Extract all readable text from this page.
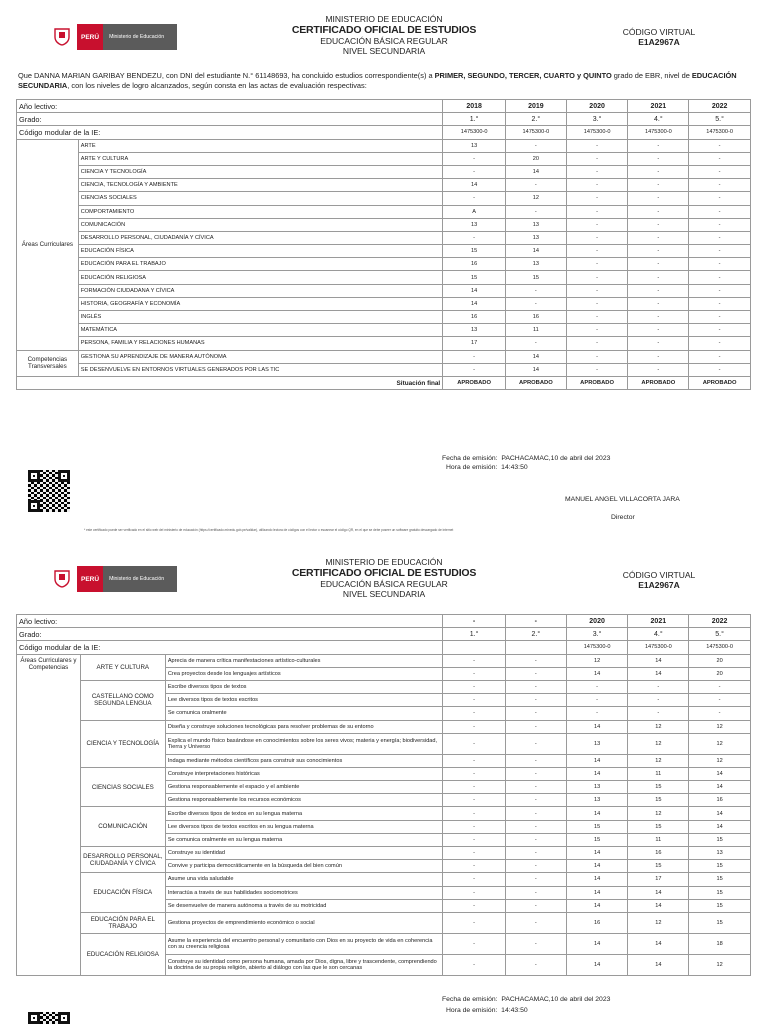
PERÚ	Ministerio de Educación
MINISTERIO DE EDUCACIÓN
CERTIFICADO OFICIAL DE ESTUDIOS
EDUCACIÓN BÁSICA REGULAR
NIVEL SECUNDARIA
CÓDIGO VIRTUAL
E1A2967A
Que DANNA MARIAN GARIBAY BENDEZU, con DNI del estudiante N.° 61148693, ha concluido estudios correspondiente(s) a PRIMER, SEGUNDO, TERCER, CUARTO y QUINTO grado de EBR, nivel de EDUCACIÓN
SECUNDARIA, con los niveles de logro alcanzados, según consta en las actas de evaluación respectivas:
Año lectivo:		2018	2019	2020	2021	2022
Grado:		1.°	2.°	3.°	4.°	5.°
Código modular de la IE:		1475300-0	1475300-0	1475300-0	1475300-0	1475300-0
Áreas Curriculares	ARTE	13	-	-	-	-
	ARTE Y CULTURA	-	20	-	-	-
	CIENCIA Y TECNOLOGÍA	-	14	-	-	-
	CIENCIA, TECNOLOGÍA Y AMBIENTE	14	-	-	-	-
	CIENCIAS SOCIALES	-	12	-	-	-
	COMPORTAMIENTO	A	-	-	-	-
	COMUNICACIÓN	13	13	-	-	-
	DESARROLLO PERSONAL, CIUDADANÍA Y CÍVICA	-	13	-	-	-
	EDUCACIÓN FÍSICA	15	14	-	-	-
	EDUCACIÓN PARA EL TRABAJO	16	13	-	-	-
	EDUCACIÓN RELIGIOSA	15	15	-	-	-
	FORMACIÓN CIUDADANA Y CÍVICA	14	-	-	-	-
	HISTORIA, GEOGRAFÍA Y ECONOMÍA	14	-	-	-	-
	INGLÉS	16	16	-	-	-
	MATEMÁTICA	13	11	-	-	-
	PERSONA, FAMILIA Y RELACIONES HUMANAS	17	-	-	-	-
Competencias Transversales	GESTIONA SU APRENDIZAJE DE MANERA AUTÓNOMA	-	14	-	-	-
	SE DESENVUELVE EN ENTORNOS VIRTUALES GENERADOS POR LAS TIC	-	14	-	-	-
Situación final		APROBADO	APROBADO	APROBADO	APROBADO	APROBADO
Fecha de emisión: PACHACAMAC,10 de abril del 2023
Hora de emisión: 14:43:50
MANUEL ANGEL VILLACORTA JARA
Director
* este certificado puede ser verificado en el sitio web del ministerio de educación (https://certificado.minedu.gob.pe/validar), utilizando lectora de códigos con el lector o escanear el código QR, en el que se debe poseer un software gratuito descargado de internet
PERÚ	Ministerio de Educación
MINISTERIO DE EDUCACIÓN
CERTIFICADO OFICIAL DE ESTUDIOS
EDUCACIÓN BÁSICA REGULAR
NIVEL SECUNDARIA
CÓDIGO VIRTUAL
E1A2967A
Año lectivo:			-	-	2020	2021	2022
Grado:			1.°	2.°	3.°	4.°	5.°
Código modular de la IE:					1475300-0	1475300-0	1475300-0
Áreas Curriculares y Competencias	ARTE Y CULTURA	Aprecia de manera crítica manifestaciones artístico-culturales	-	-	12	14	20
		Crea proyectos desde los lenguajes artísticos	-	-	14	14	20
	CASTELLANO COMO SEGUNDA LENGUA	Escribe diversos tipos de textos	-	-	-	-	-
		Lee diversos tipos de textos escritos	-	-	-	-	-
		Se comunica oralmente	-	-	-	-	-
	CIENCIA Y TECNOLOGÍA	Diseña y construye soluciones tecnológicas para resolver problemas de su entorno	-	-	14	12	12
		Explica el mundo físico basándose en conocimientos sobre los seres vivos; materia y energía; biodiversidad, Tierra y Universo	-	-	13	12	12
		Indaga mediante métodos científicos para construir sus conocimientos	-	-	14	12	12
	CIENCIAS SOCIALES	Construye interpretaciones históricas	-	-	14	11	14
		Gestiona responsablemente el espacio y el ambiente	-	-	13	15	14
		Gestiona responsablemente los recursos económicos	-	-	13	15	16
	COMUNICACIÓN	Escribe diversos tipos de textos en su lengua materna	-	-	14	12	14
		Lee diversos tipos de textos escritos en su lengua materna	-	-	15	15	14
		Se comunica oralmente en su lengua materna	-	-	15	11	15
	DESARROLLO PERSONAL, CIUDADANÍA Y CÍVICA	Construye su identidad	-	-	14	16	13
		Convive y participa democráticamente en la búsqueda del bien común	-	-	14	15	15
	EDUCACIÓN FÍSICA	Asume una vida saludable	-	-	14	17	15
		Interactúa a través de sus habilidades sociomotrices	-	-	14	14	15
		Se desenvuelve de manera autónoma a través de su motricidad	-	-	14	14	15
	EDUCACIÓN PARA EL TRABAJO	Gestiona proyectos de emprendimiento económico o social	-	-	16	12	15
	EDUCACIÓN RELIGIOSA	Asume la experiencia del encuentro personal y comunitario con Dios en su proyecto de vida en coherencia con su creencia religiosa	-	-	14	14	18
		Construye su identidad como persona humana, amada por Dios, digna, libre y trascendente, comprendiendo la doctrina de su propia religión, abierto al diálogo con las que le son cercanas	-	-	14	14	12
Fecha de emisión: PACHACAMAC,10 de abril del 2023
Hora de emisión: 14:43:50
